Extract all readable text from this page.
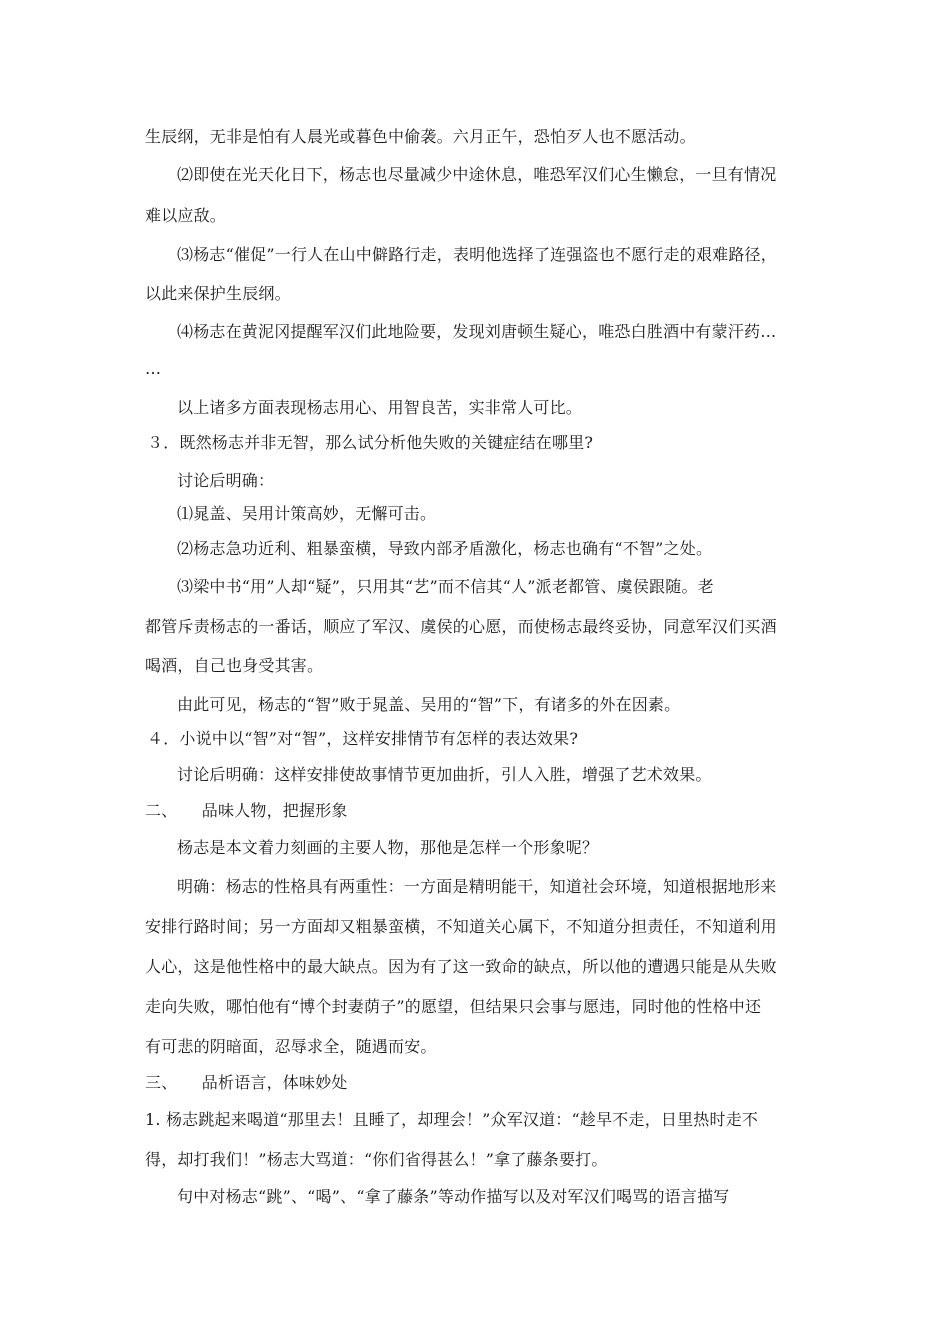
生辰纲，无非是怕有人晨光或暮色中偷袭。六月正午，恐怕歹人也不愿活动。
⑵即使在光天化日下，杨志也尽量减少中途休息，唯恐军汉们心生懒怠，一旦有情况
难以应敌。
⑶杨志“催促”一行人在山中僻路行走，表明他选择了连强盗也不愿行走的艰难路径，
以此来保护生辰纲。
⑷杨志在黄泥冈提醒军汉们此地险要，发现刘唐顿生疑心，唯恐白胜酒中有蒙汗药…
…
以上诸多方面表现杨志用心、用智良苦，实非常人可比。
３．既然杨志并非无智，那么试分析他失败的关键症结在哪里?
讨论后明确：
⑴晁盖、吴用计策高妙，无懈可击。
⑵杨志急功近利、粗暴蛮横，导致内部矛盾激化，杨志也确有“不智”之处。
⑶梁中书“用”人却“疑”，只用其“艺”而不信其“人”派老都管、虞侯跟随。老
都管斥责杨志的一番话，顺应了军汉、虞侯的心愿，而使杨志最终妥协，同意军汉们买酒
喝酒，自己也身受其害。
由此可见，杨志的“智”败于晁盖、吴用的“智”下，有诸多的外在因素。
４．小说中以“智”对“智”，这样安排情节有怎样的表达效果?
讨论后明确：这样安排使故事情节更加曲折，引人入胜，增强了艺术效果。
二、　　品味人物，把握形象
杨志是本文着力刻画的主要人物，那他是怎样一个形象呢？
明确：杨志的性格具有两重性：一方面是精明能干，知道社会环境，知道根据地形来
安排行路时间；另一方面却又粗暴蛮横，不知道关心属下，不知道分担责任，不知道利用
人心，这是他性格中的最大缺点。因为有了这一致命的缺点，所以他的遭遇只能是从失败
走向失败，哪怕他有“博个封妻荫子”的愿望，但结果只会事与愿违，同时他的性格中还
有可悲的阴暗面，忍辱求全，随遇而安。
三、　　品析语言，体味妙处
1. 杨志跳起来喝道“那里去！且睡了，却理会！”众军汉道：“趁早不走，日里热时走不
得，却打我们！”杨志大骂道：“你们省得甚么！”拿了藤条要打。
句中对杨志“跳”、“喝”、“拿了藤条”等动作描写以及对军汉们喝骂的语言描写
